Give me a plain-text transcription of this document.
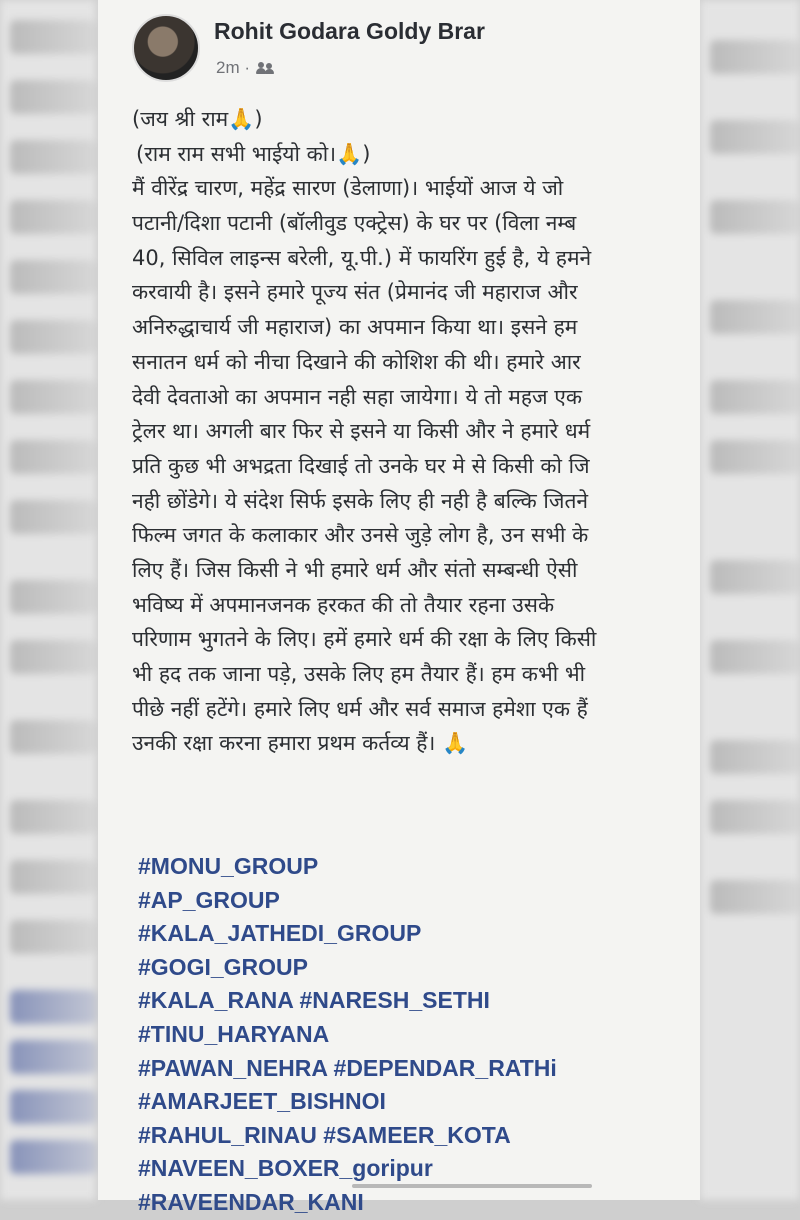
Rohit Godara Goldy Brar
2m ·
(जय श्री राम🙏)
(राम राम सभी भाईयो को।🙏)
मैं वीरेंद्र चारण, महेंद्र सारण (डेलाणा)। भाईयों आज ये जो
पटानी/दिशा पटानी (बॉलीवुड एक्ट्रेस) के घर पर (विला नम्ब
40, सिविल लाइन्स बरेली, यू.पी.) में फायरिंग हुई है, ये हमने
करवायी है। इसने हमारे पूज्य संत (प्रेमानंद जी महाराज और
अनिरुद्धाचार्य जी महाराज) का अपमान किया था। इसने हम
सनातन धर्म को नीचा दिखाने की कोशिश की थी। हमारे आर
देवी देवताओ का अपमान नही सहा जायेगा। ये तो महज एक
ट्रेलर था। अगली बार फिर से इसने या किसी और ने हमारे धर्म
प्रति कुछ भी अभद्रता दिखाई तो उनके घर मे से किसी को जि
नही छोंडेगे। ये संदेश सिर्फ इसके लिए ही नही है बल्कि जितने
फिल्म जगत के कलाकार और उनसे जुड़े लोग है, उन सभी के
लिए हैं। जिस किसी ने भी हमारे धर्म और संतो सम्बन्धी ऐसी
भविष्य में अपमानजनक हरकत की तो तैयार रहना उसके
परिणाम भुगतने के लिए। हमें हमारे धर्म की रक्षा के लिए किसी
भी हद तक जाना पड़े, उसके लिए हम तैयार हैं। हम कभी भी
पीछे नहीं हटेंगे। हमारे लिए धर्म और सर्व समाज हमेशा एक हैं
उनकी रक्षा करना हमारा प्रथम कर्तव्य हैं। 🙏
#MONU_GROUP
#AP_GROUP
#KALA_JATHEDI_GROUP
#GOGI_GROUP
#KALA_RANA #NARESH_SETHI
#TINU_HARYANA
#PAWAN_NEHRA #DEPENDAR_RATHi
#AMARJEET_BISHNOI
#RAHUL_RINAU #SAMEER_KOTA
#NAVEEN_BOXER_goripur
#RAVEENDAR_KANI
